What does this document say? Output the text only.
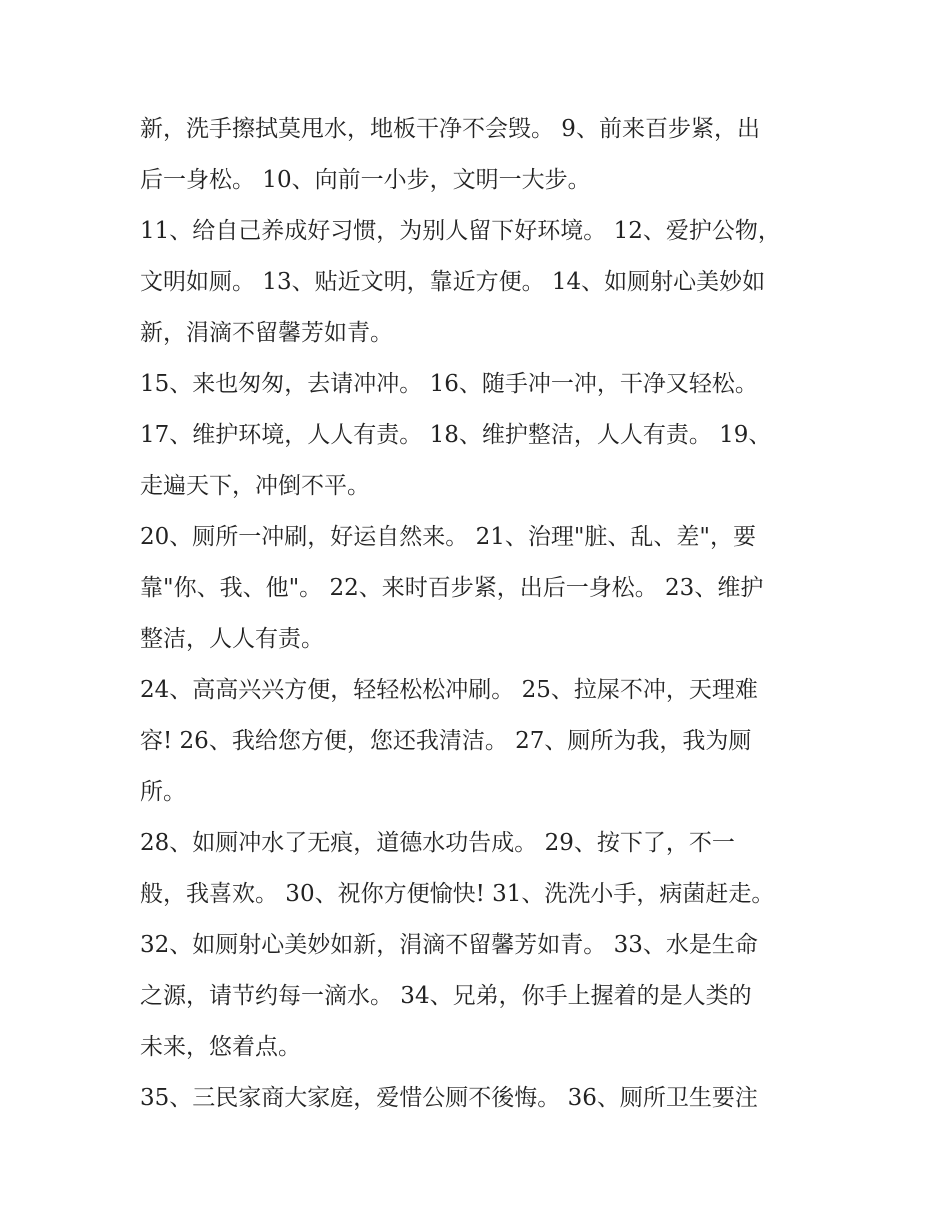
新，洗手擦拭莫甩水，地板干净不会毁。 9、前来百步紧，出
后一身松。 10、向前一小步，文明一大步。
11、给自己养成好习惯，为别人留下好环境。 12、爱护公物，
文明如厕。 13、贴近文明，靠近方便。 14、如厕射心美妙如
新，涓滴不留馨芳如青。
15、来也匆匆，去请冲冲。 16、随手冲一冲，干净又轻松。
17、维护环境，人人有责。 18、维护整洁，人人有责。 19、
走遍天下，冲倒不平。
20、厕所一冲刷，好运自然来。 21、治理"脏、乱、差"，要
靠"你、我、他"。 22、来时百步紧，出后一身松。 23、维护
整洁，人人有责。
24、高高兴兴方便，轻轻松松冲刷。 25、拉屎不冲，天理难
容! 26、我给您方便，您还我清洁。 27、厕所为我，我为厕
所。
28、如厕冲水了无痕，道德水功告成。 29、按下了，不一
般，我喜欢。 30、祝你方便愉快! 31、洗洗小手，病菌赶走。
32、如厕射心美妙如新，涓滴不留馨芳如青。 33、水是生命
之源，请节约每一滴水。 34、兄弟，你手上握着的是人类的
未来，悠着点。
35、三民家商大家庭，爱惜公厕不後悔。 36、厕所卫生要注
